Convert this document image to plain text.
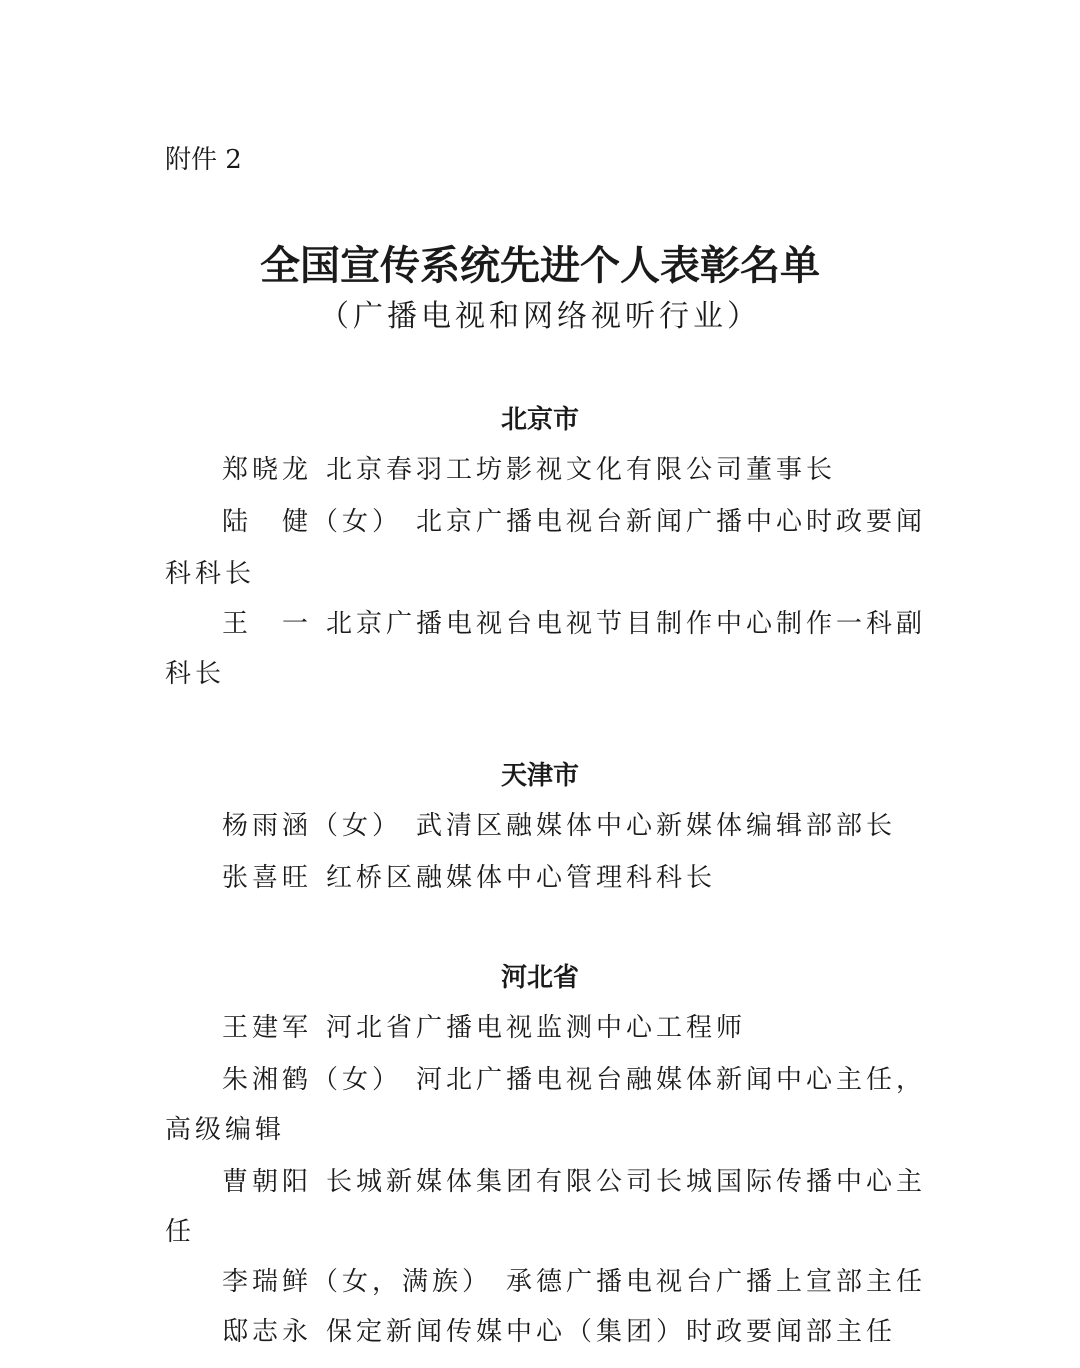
附件 2
全国宣传系统先进个人表彰名单
（广播电视和网络视听行业）
北京市
郑晓龙 北京春羽工坊影视文化有限公司董事长
陆　健（女） 北京广播电视台新闻广播中心时政要闻
科科长
王　一 北京广播电视台电视节目制作中心制作一科副
科长
天津市
杨雨涵（女） 武清区融媒体中心新媒体编辑部部长
张喜旺 红桥区融媒体中心管理科科长
河北省
王建军 河北省广播电视监测中心工程师
朱湘鹤（女） 河北广播电视台融媒体新闻中心主任，
高级编辑
曹朝阳 长城新媒体集团有限公司长城国际传播中心主
任
李瑞鲜（女，满族） 承德广播电视台广播上宣部主任
邸志永 保定新闻传媒中心（集团）时政要闻部主任
